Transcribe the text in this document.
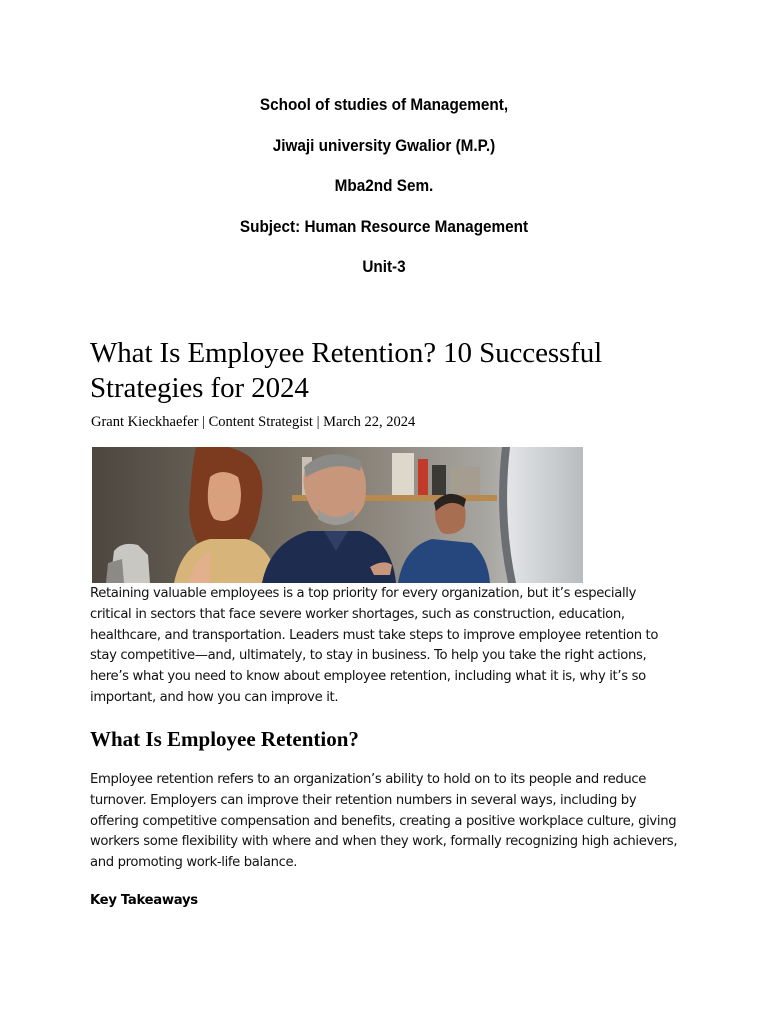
School of studies of Management,
Jiwaji university Gwalior (M.P.)
Mba2nd Sem.
Subject: Human Resource Management
Unit-3
What Is Employee Retention? 10 Successful Strategies for 2024
Grant Kieckhaefer | Content Strategist | March 22, 2024

Retaining valuable employees is a top priority for every organization, but it’s especially critical in sectors that face severe worker shortages, such as construction, education, healthcare, and transportation. Leaders must take steps to improve employee retention to stay competitive—and, ultimately, to stay in business. To help you take the right actions, here’s what you need to know about employee retention, including what it is, why it’s so important, and how you can improve it.

What Is Employee Retention?

Employee retention refers to an organization’s ability to hold on to its people and reduce turnover. Employers can improve their retention numbers in several ways, including by offering competitive compensation and benefits, creating a positive workplace culture, giving workers some flexibility with where and when they work, formally recognizing high achievers, and promoting work-life balance.

Key Takeaways
